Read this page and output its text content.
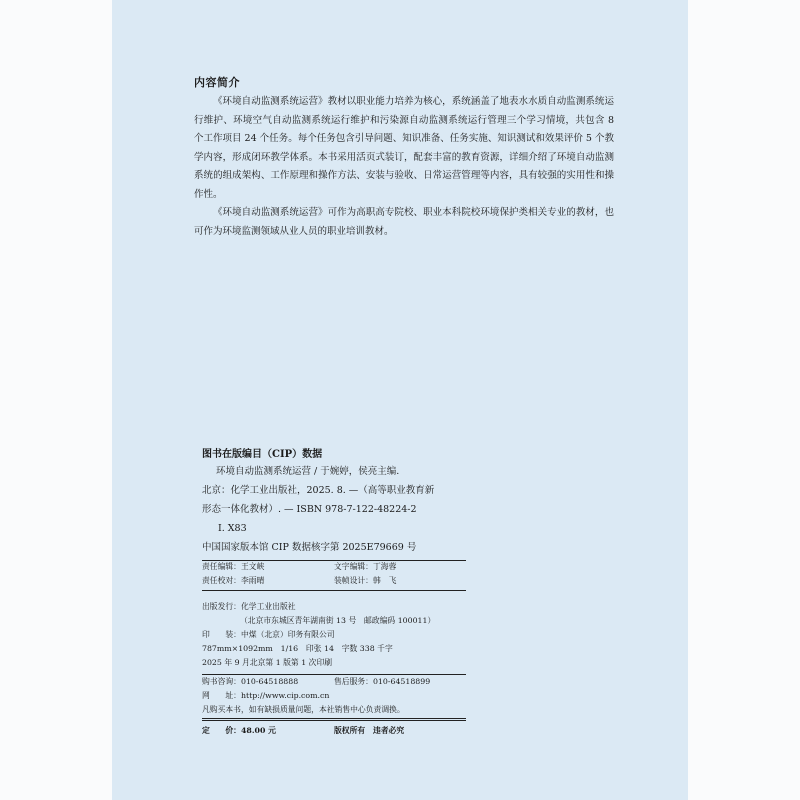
内容简介

《环境自动监测系统运营》教材以职业能力培养为核心，系统涵盖了地表水水质自动监测系统运行维护、环境空气自动监测系统运行维护和污染源自动监测系统运行管理三个学习情境，共包含 8 个工作项目 24 个任务。每个任务包含引导问题、知识准备、任务实施、知识测试和效果评价 5 个教学内容，形成闭环教学体系。本书采用活页式装订，配套丰富的教育资源，详细介绍了环境自动监测系统的组成架构、工作原理和操作方法、安装与验收、日常运营管理等内容，具有较强的实用性和操作性。

《环境自动监测系统运营》可作为高职高专院校、职业本科院校环境保护类相关专业的教材，也可作为环境监测领域从业人员的职业培训教材。

图书在版编目（CIP）数据
环境自动监测系统运营 / 于婉婷，侯亮主编.
北京：化学工业出版社，2025. 8. —（高等职业教育新
形态一体化教材）. — ISBN 978-7-122-48224-2
Ⅰ. X83
中国国家版本馆 CIP 数据核字第 2025E79669 号
责任编辑：王文峡	文字编辑：丁海蓉
责任校对：李雨晴	装帧设计：韩　飞
出版发行：化学工业出版社
（北京市东城区青年湖南街 13 号　邮政编码 100011）
印　　装：中煤（北京）印务有限公司
787mm×1092mm　1/16　印张 14　字数 338 千字
2025 年 9 月北京第 1 版第 1 次印刷
购书咨询：010-64518888	售后服务：010-64518899
网　　址：http://www.cip.com.cn
凡购买本书，如有缺损质量问题，本社销售中心负责调换。
定　　价：48.00 元	版权所有　违者必究
